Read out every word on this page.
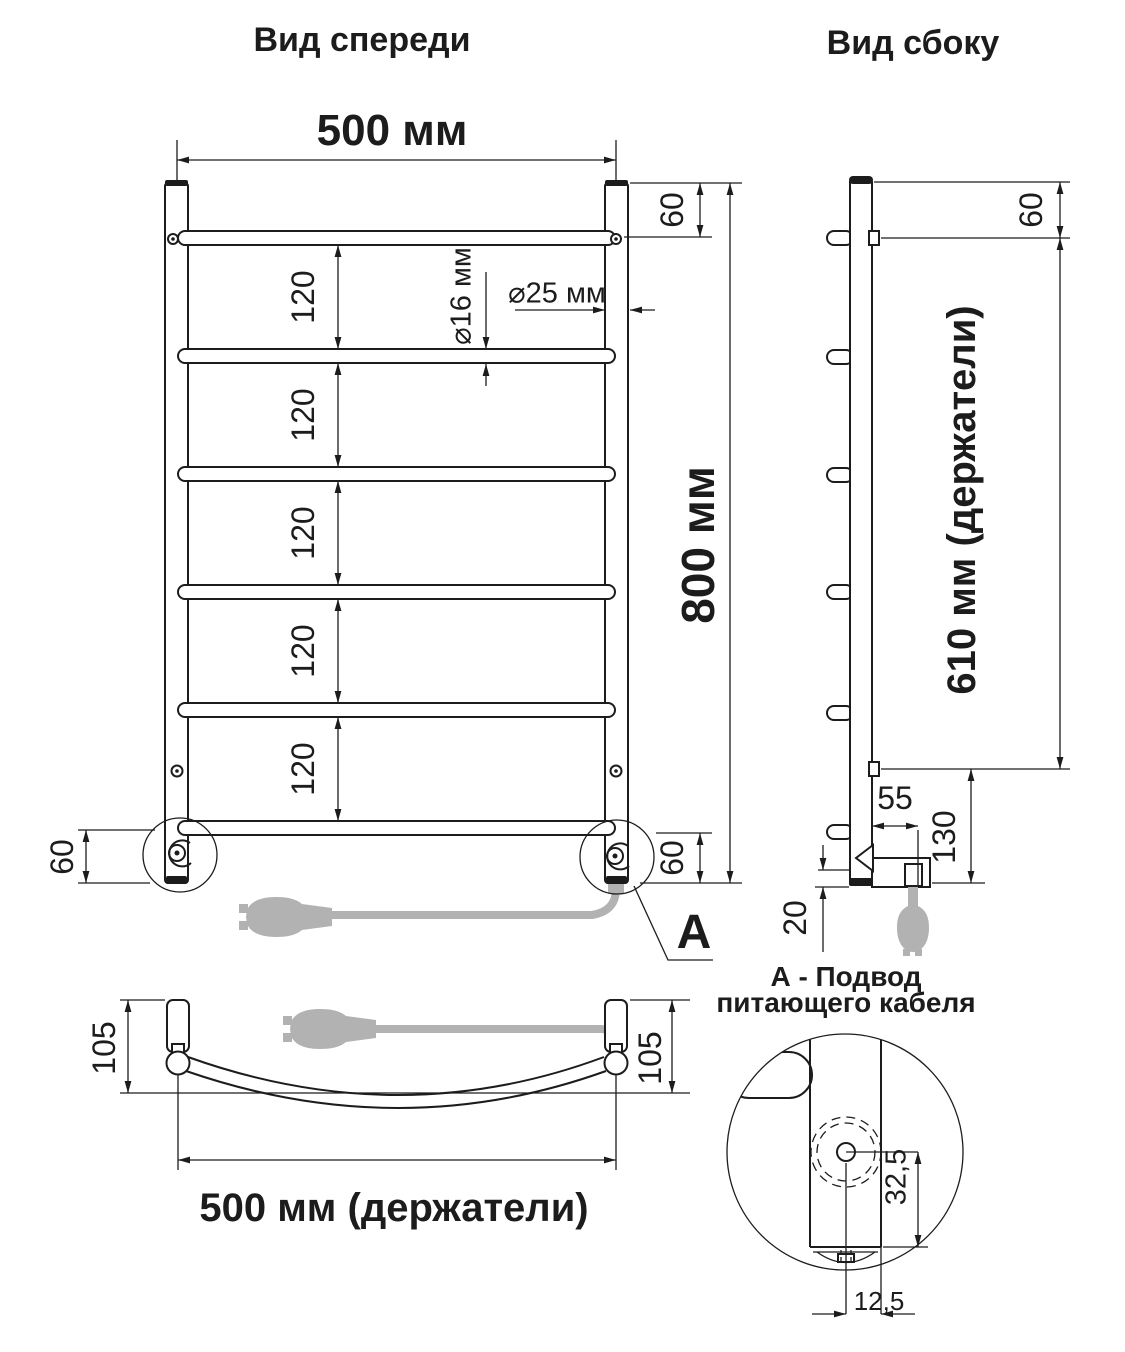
Вид спереди	Вид сбоку
500 мм
60
800 мм
120
120
120
120
120
⌀16 мм ⌀25 мм
60	60
А
60
610 мм (держатели)
55
130
20
105	105
500 мм (держатели)
А - Подвод
питающего кабеля
32,5
12,5
